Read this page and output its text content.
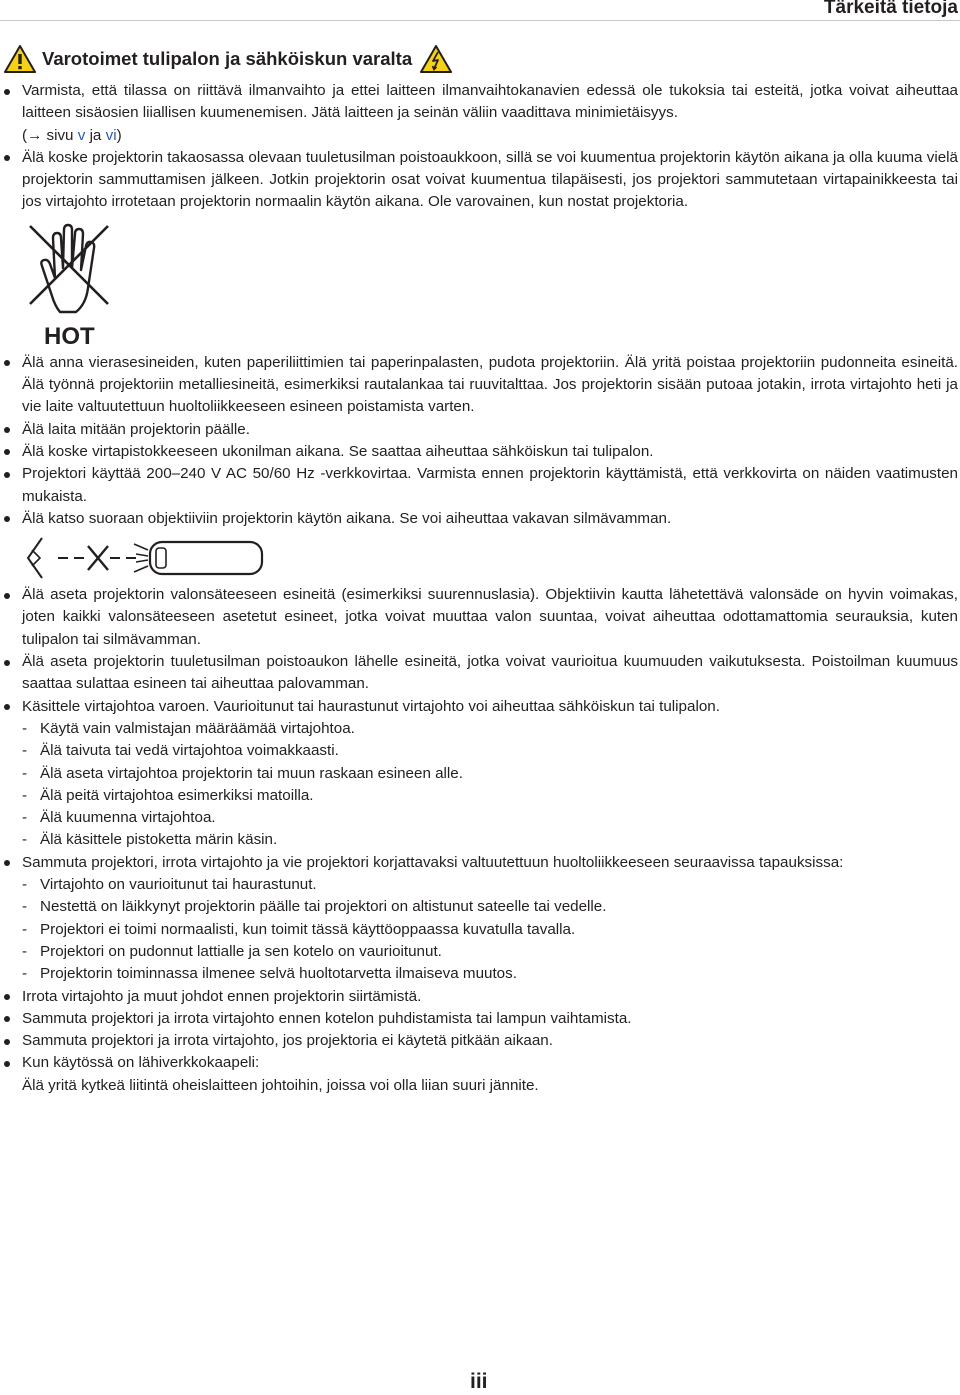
Tärkeitä tietoja
Varotoimet tulipalon ja sähköiskun varalta
Varmista, että tilassa on riittävä ilmanvaihto ja ettei laitteen ilmanvaihtokanavien edessä ole tukoksia tai esteitä, jotka voivat aiheuttaa laitteen sisäosien liiallisen kuumenemisen. Jätä laitteen ja seinän väliin vaadittava minimietäisyys.
(→ sivu v ja vi)
Älä koske projektorin takaosassa olevaan tuuletusilman poistoaukkoon, sillä se voi kuumentua projektorin käytön aikana ja olla kuuma vielä projektorin sammuttamisen jälkeen. Jotkin projektorin osat voivat kuumentua tilapäisesti, jos projektori sammutetaan virtapainikkeesta tai jos virtajohto irrotetaan projektorin normaalin käytön aikana. Ole varovainen, kun nostat projektoria.
HOT
Älä anna vierasesineiden, kuten paperiliittimien tai paperinpalasten, pudota projektoriin. Älä yritä poistaa projektoriin pudonneita esineitä. Älä työnnä projektoriin metalliesineitä, esimerkiksi rautalankaa tai ruuvitalttaa. Jos projektorin sisään putoaa jotakin, irrota virtajohto heti ja vie laite valtuutettuun huoltoliikkeeseen esineen poistamista varten.
Älä laita mitään projektorin päälle.
Älä koske virtapistokkeeseen ukonilman aikana. Se saattaa aiheuttaa sähköiskun tai tulipalon.
Projektori käyttää 200–240 V AC 50/60 Hz -verkkovirtaa. Varmista ennen projektorin käyttämistä, että verkkovirta on näiden vaatimusten mukaista.
Älä katso suoraan objektiiviin projektorin käytön aikana. Se voi aiheuttaa vakavan silmävamman.
Älä aseta projektorin valonsäteeseen esineitä (esimerkiksi suurennuslasia). Objektiivin kautta lähetettävä valonsäde on hyvin voimakas, joten kaikki valonsäteeseen asetetut esineet, jotka voivat muuttaa valon suuntaa, voivat aiheuttaa odottamattomia seurauksia, kuten tulipalon tai silmävamman.
Älä aseta projektorin tuuletusilman poistoaukon lähelle esineitä, jotka voivat vaurioitua kuumuuden vaikutuksesta. Poistoilman kuumuus saattaa sulattaa esineen tai aiheuttaa palovamman.
Käsittele virtajohtoa varoen. Vaurioitunut tai haurastunut virtajohto voi aiheuttaa sähköiskun tai tulipalon.
- Käytä vain valmistajan määräämää virtajohtoa.
- Älä taivuta tai vedä virtajohtoa voimakkaasti.
- Älä aseta virtajohtoa projektorin tai muun raskaan esineen alle.
- Älä peitä virtajohtoa esimerkiksi matoilla.
- Älä kuumenna virtajohtoa.
- Älä käsittele pistoketta märin käsin.
Sammuta projektori, irrota virtajohto ja vie projektori korjattavaksi valtuutettuun huoltoliikkeeseen seuraavissa tapauksissa:
- Virtajohto on vaurioitunut tai haurastunut.
- Nestettä on läikkynyt projektorin päälle tai projektori on altistunut sateelle tai vedelle.
- Projektori ei toimi normaalisti, kun toimit tässä käyttöoppaassa kuvatulla tavalla.
- Projektori on pudonnut lattialle ja sen kotelo on vaurioitunut.
- Projektorin toiminnassa ilmenee selvä huoltotarvetta ilmaiseva muutos.
Irrota virtajohto ja muut johdot ennen projektorin siirtämistä.
Sammuta projektori ja irrota virtajohto ennen kotelon puhdistamista tai lampun vaihtamista.
Sammuta projektori ja irrota virtajohto, jos projektoria ei käytetä pitkään aikaan.
Kun käytössä on lähiverkkokaapeli:
Älä yritä kytkeä liitintä oheislaitteen johtoihin, joissa voi olla liian suuri jännite.
iii
